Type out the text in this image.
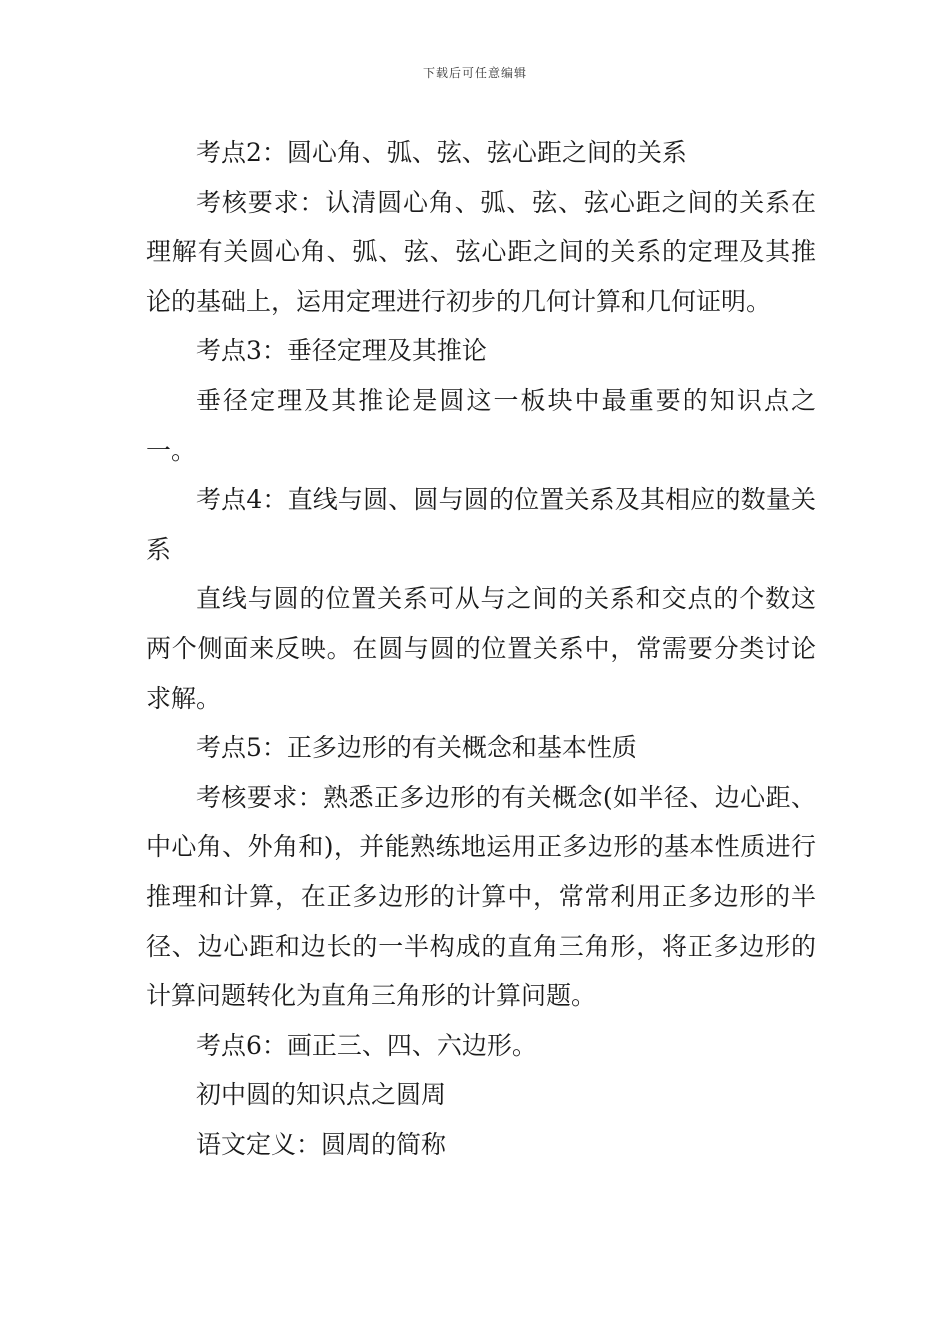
下载后可任意编辑

考点2：圆心角、弧、弦、弦心距之间的关系

考核要求：认清圆心角、弧、弦、弦心距之间的关系在理解有关圆心角、弧、弦、弦心距之间的关系的定理及其推论的基础上，运用定理进行初步的几何计算和几何证明。

考点3：垂径定理及其推论

垂径定理及其推论是圆这一板块中最重要的知识点之一。

考点4：直线与圆、圆与圆的位置关系及其相应的数量关系

直线与圆的位置关系可从与之间的关系和交点的个数这两个侧面来反映。在圆与圆的位置关系中，常需要分类讨论求解。

考点5：正多边形的有关概念和基本性质

考核要求：熟悉正多边形的有关概念(如半径、边心距、中心角、外角和)，并能熟练地运用正多边形的基本性质进行推理和计算，在正多边形的计算中，常常利用正多边形的半径、边心距和边长的一半构成的直角三角形，将正多边形的计算问题转化为直角三角形的计算问题。

考点6：画正三、四、六边形。

初中圆的知识点之圆周

语文定义：圆周的简称
